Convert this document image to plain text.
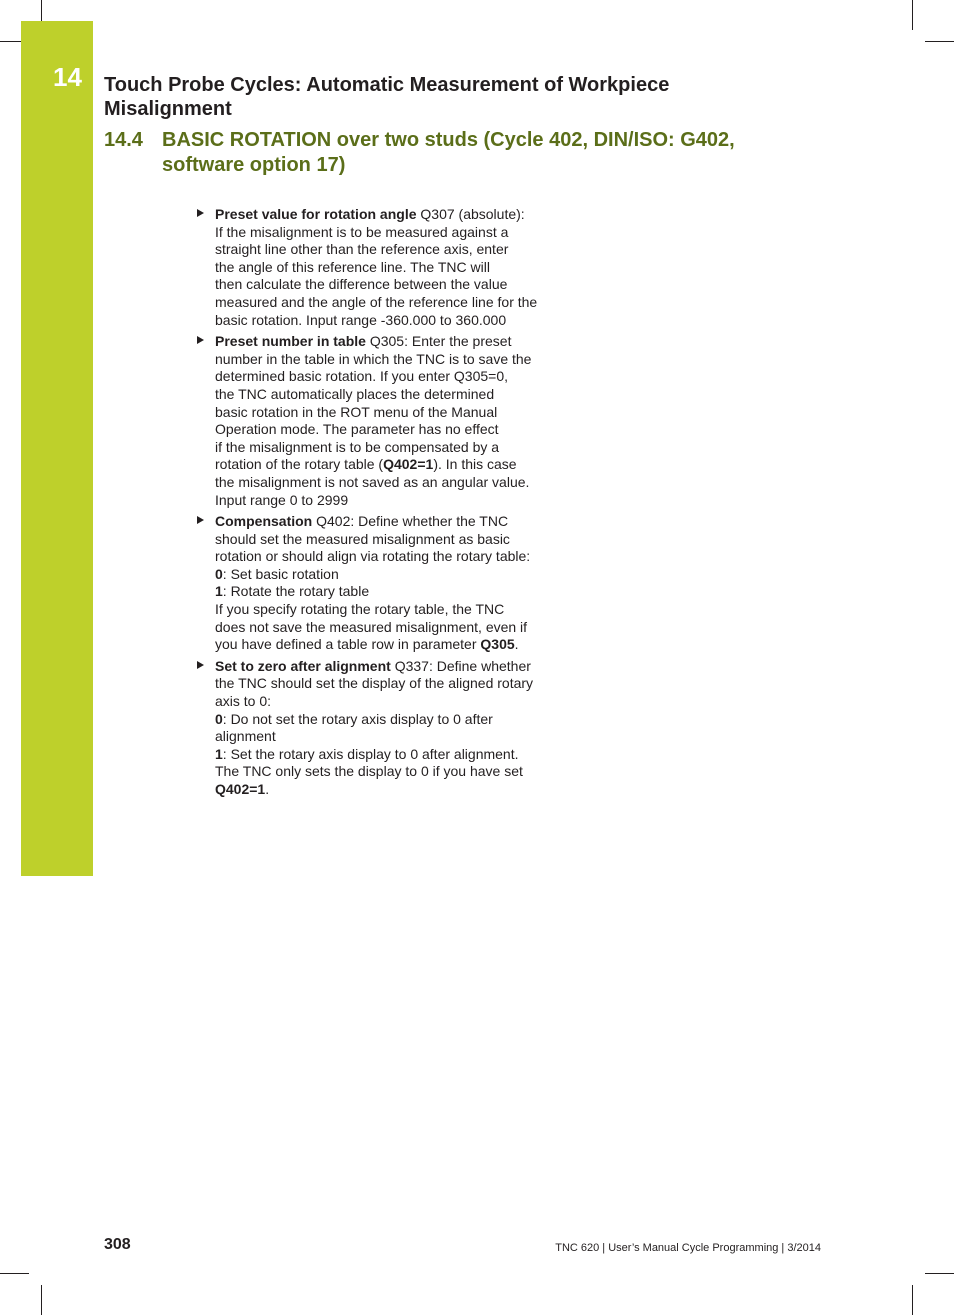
14 Touch Probe Cycles: Automatic Measurement of Workpiece Misalignment
14.4 BASIC ROTATION over two studs (Cycle 402, DIN/ISO: G402, software option 17)
Preset value for rotation angle Q307 (absolute):
If the misalignment is to be measured against a
straight line other than the reference axis, enter
the angle of this reference line. The TNC will
then calculate the difference between the value
measured and the angle of the reference line for the
basic rotation. Input range -360.000 to 360.000
Preset number in table Q305: Enter the preset
number in the table in which the TNC is to save the
determined basic rotation. If you enter Q305=0,
the TNC automatically places the determined
basic rotation in the ROT menu of the Manual
Operation mode. The parameter has no effect
if the misalignment is to be compensated by a
rotation of the rotary table (Q402=1). In this case
the misalignment is not saved as an angular value.
Input range 0 to 2999
Compensation Q402: Define whether the TNC
should set the measured misalignment as basic
rotation or should align via rotating the rotary table:
0: Set basic rotation
1: Rotate the rotary table
If you specify rotating the rotary table, the TNC
does not save the measured misalignment, even if
you have defined a table row in parameter Q305.
Set to zero after alignment Q337: Define whether
the TNC should set the display of the aligned rotary
axis to 0:
0: Do not set the rotary axis display to 0 after
alignment
1: Set the rotary axis display to 0 after alignment.
The TNC only sets the display to 0 if you have set
Q402=1.
308	TNC 620 | User’s Manual Cycle Programming | 3/2014
